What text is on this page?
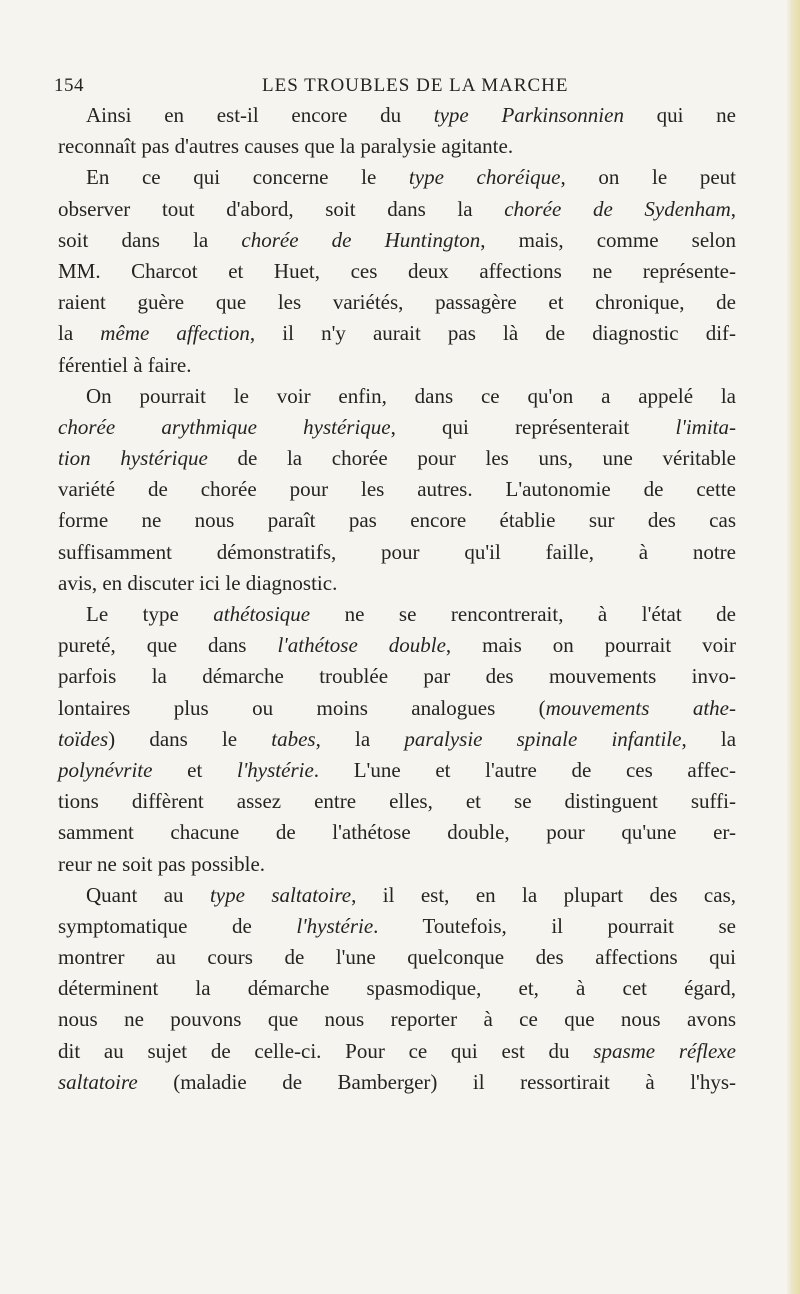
154	LES TROUBLES DE LA MARCHE
Ainsi en est-il encore du type Parkinsonnien qui ne
reconnaît pas d'autres causes que la paralysie agitante.
En ce qui concerne le type choréique, on le peut
observer tout d'abord, soit dans la chorée de Sydenham,
soit dans la chorée de Huntington, mais, comme selon
MM. Charcot et Huet, ces deux affections ne représente-
raient guère que les variétés, passagère et chronique, de
la même affection, il n'y aurait pas là de diagnostic dif-
férentiel à faire.
On pourrait le voir enfin, dans ce qu'on a appelé la
chorée arythmique hystérique, qui représenterait l'imita-
tion hystérique de la chorée pour les uns, une véritable
variété de chorée pour les autres. L'autonomie de cette
forme ne nous paraît pas encore établie sur des cas
suffisamment démonstratifs, pour qu'il faille, à notre
avis, en discuter ici le diagnostic.
Le type athétosique ne se rencontrerait, à l'état de
pureté, que dans l'athétose double, mais on pourrait voir
parfois la démarche troublée par des mouvements invo-
lontaires plus ou moins analogues (mouvements athe-
toïdes) dans le tabes, la paralysie spinale infantile, la
polynévrite et l'hystérie. L'une et l'autre de ces affec-
tions diffèrent assez entre elles, et se distinguent suffi-
samment chacune de l'athétose double, pour qu'une er-
reur ne soit pas possible.
Quant au type saltatoire, il est, en la plupart des cas,
symptomatique de l'hystérie. Toutefois, il pourrait se
montrer au cours de l'une quelconque des affections qui
déterminent la démarche spasmodique, et, à cet égard,
nous ne pouvons que nous reporter à ce que nous avons
dit au sujet de celle-ci. Pour ce qui est du spasme réflexe
saltatoire (maladie de Bamberger) il ressortirait à l'hys-
